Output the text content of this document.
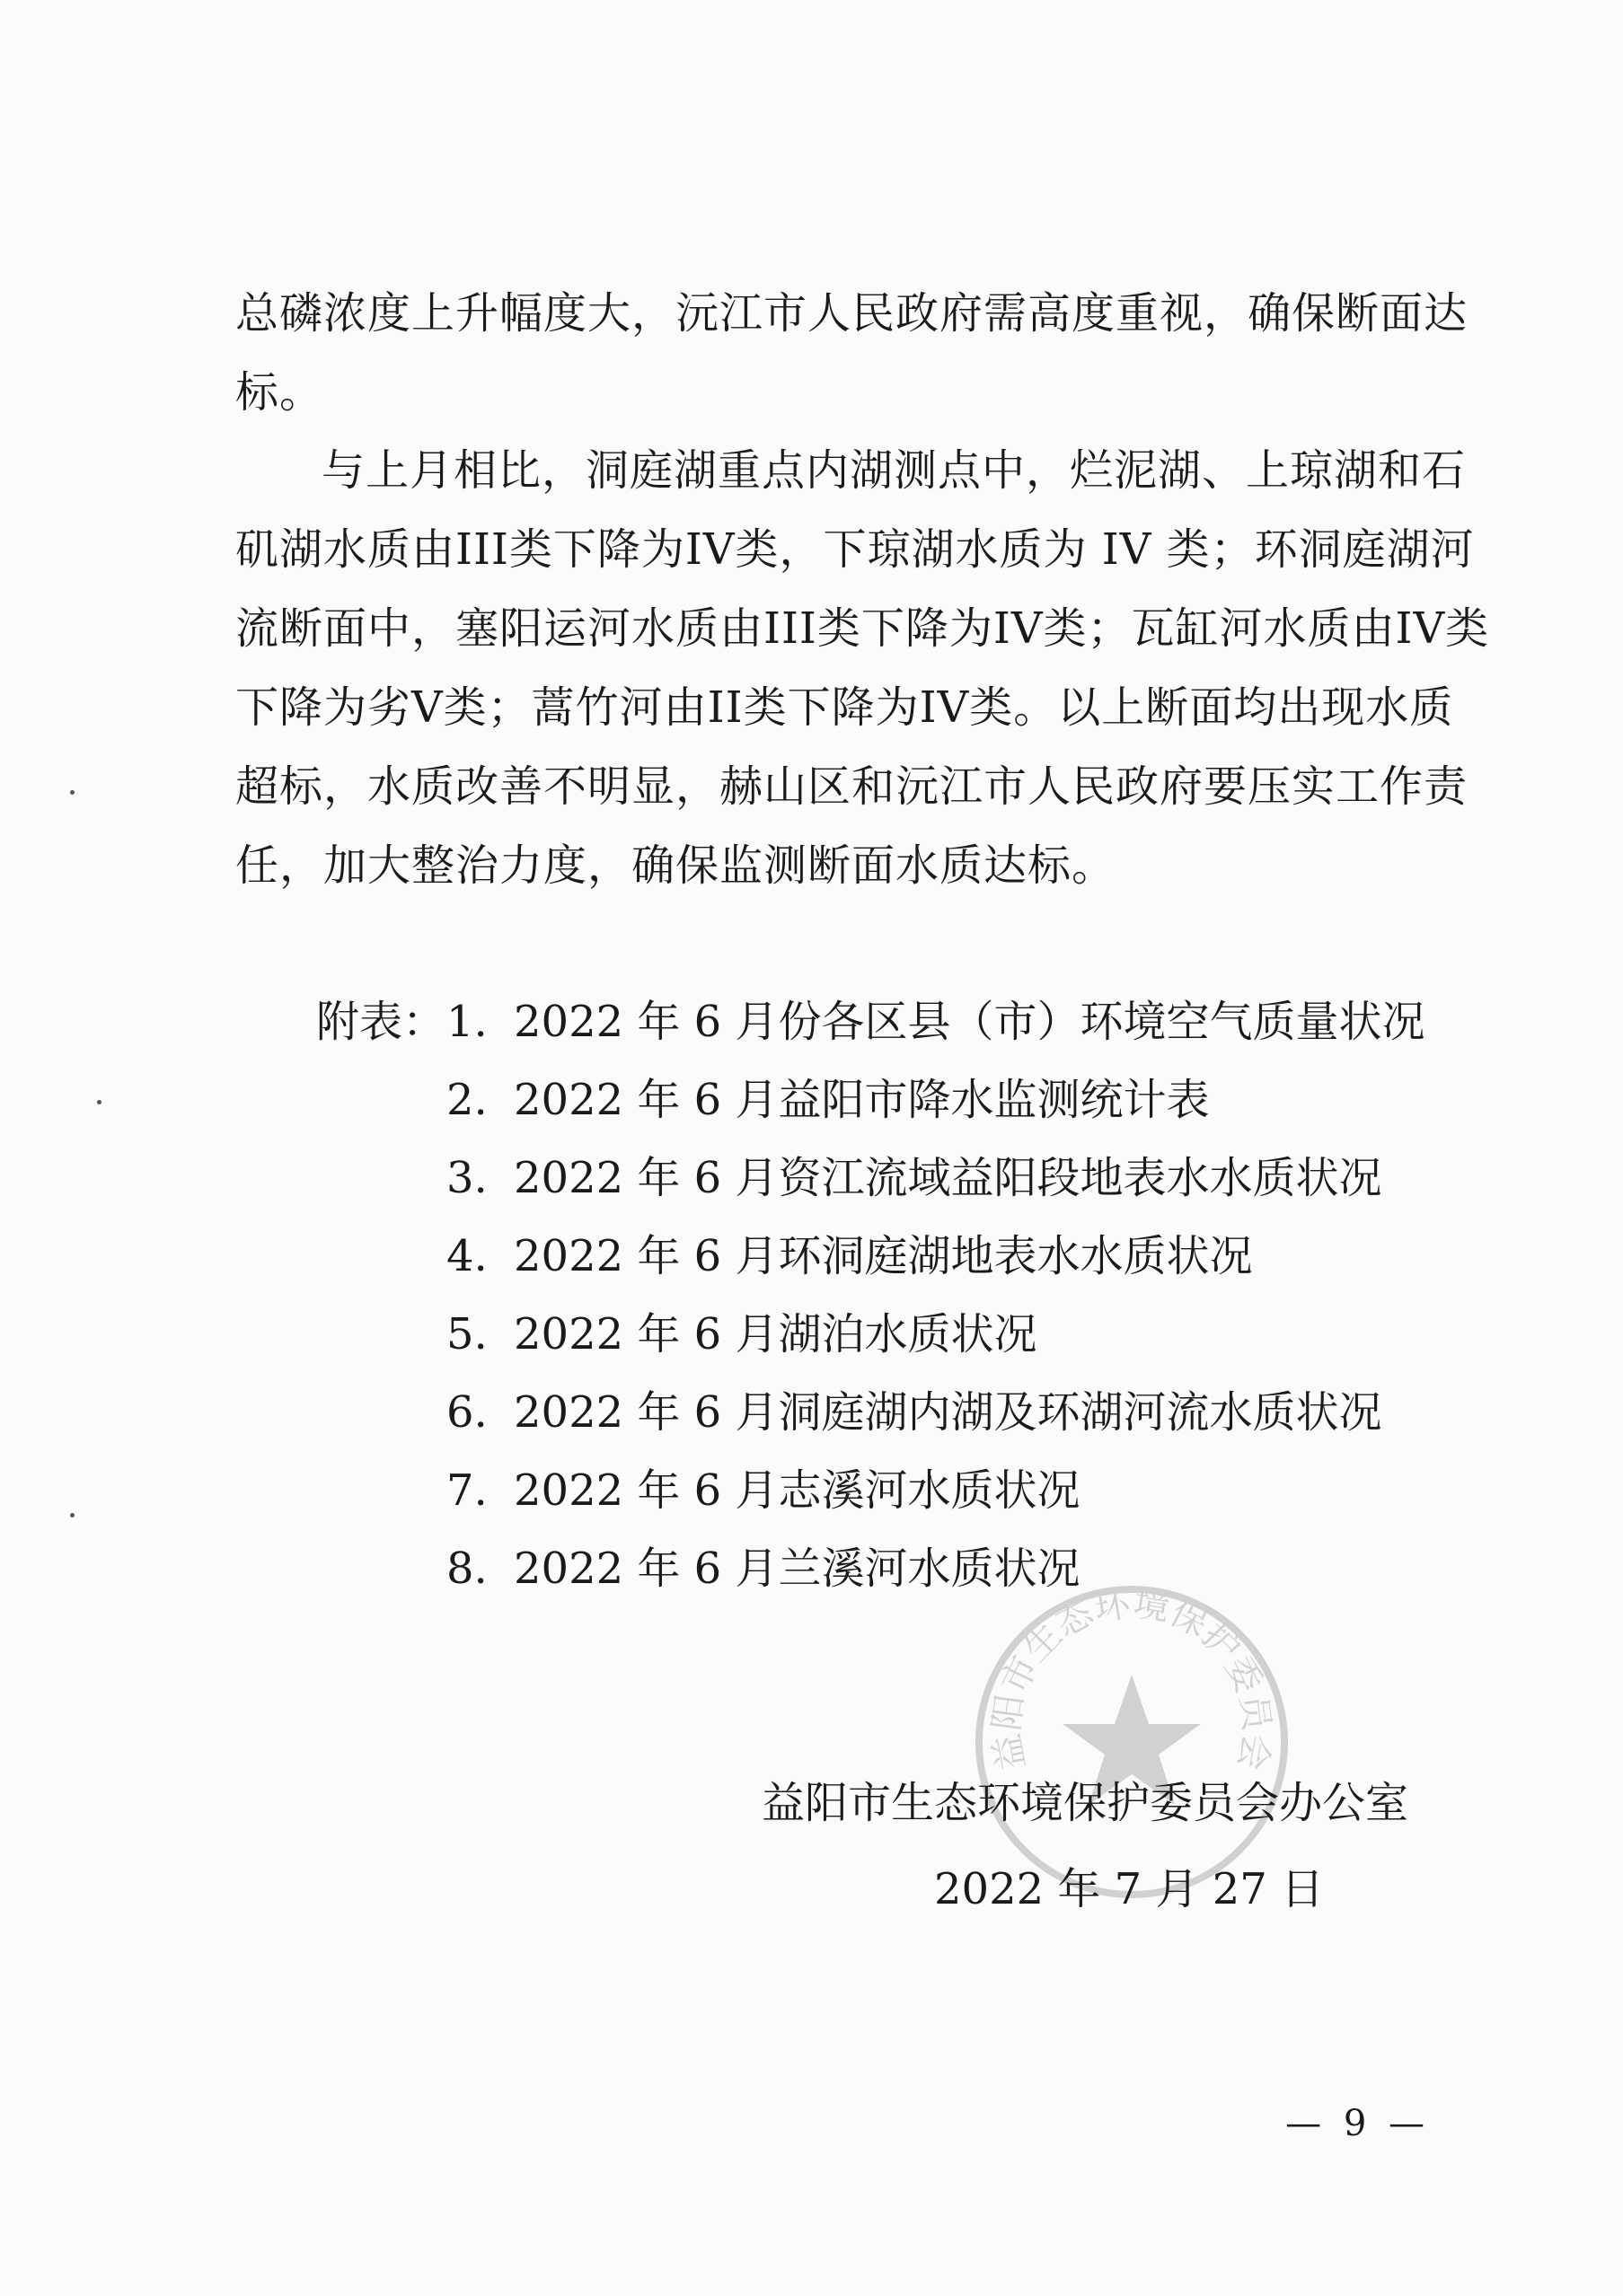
总磷浓度上升幅度大，沅江市人民政府需高度重视，确保断面达
标。
与上月相比，洞庭湖重点内湖测点中，烂泥湖、上琼湖和石
矶湖水质由III类下降为IV类，下琼湖水质为 IV 类；环洞庭湖河
流断面中，塞阳运河水质由III类下降为IV类；瓦缸河水质由IV类
下降为劣V类；蒿竹河由II类下降为IV类。以上断面均出现水质
超标，水质改善不明显，赫山区和沅江市人民政府要压实工作责
任，加大整治力度，确保监测断面水质达标。
附表： 1. 2022 年 6 月份各区县（市）环境空气质量状况
2. 2022 年 6 月益阳市降水监测统计表
3. 2022 年 6 月资江流域益阳段地表水水质状况
4. 2022 年 6 月环洞庭湖地表水水质状况
5. 2022 年 6 月湖泊水质状况
6. 2022 年 6 月洞庭湖内湖及环湖河流水质状况
7. 2022 年 6 月志溪河水质状况
8. 2022 年 6 月兰溪河水质状况
益阳市生态环境保护委员会
益阳市生态环境保护委员会办公室
2022 年 7 月 27 日
— 9 —
